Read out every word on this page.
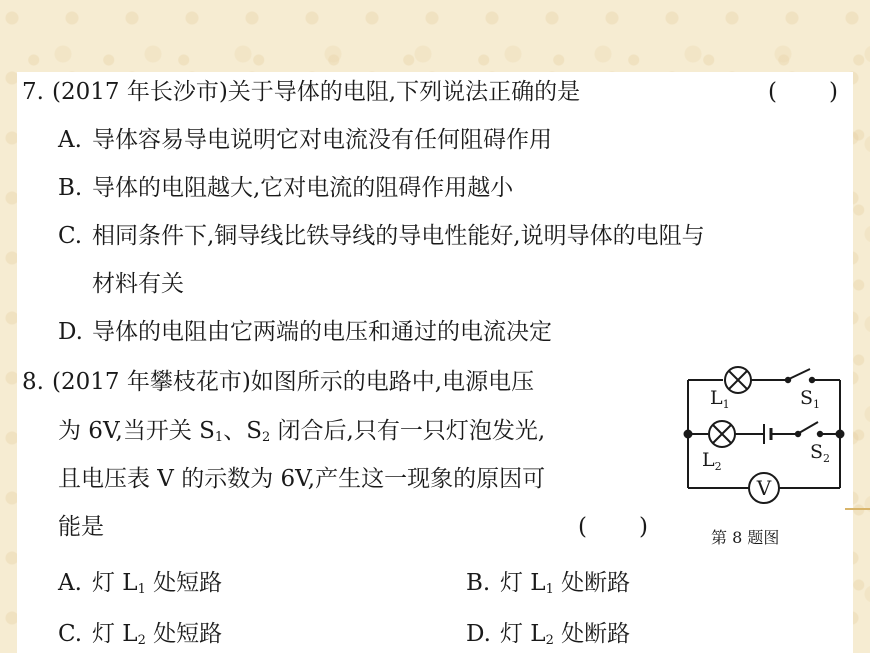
7. (2017 年长沙市)关于导体的电阻,下列说法正确的是	( )
A. 导体容易导电说明它对电流没有任何阻碍作用
B. 导体的电阻越大,它对电流的阻碍作用越小
C. 相同条件下,铜导线比铁导线的导电性能好,说明导体的电阻与
材料有关
D. 导体的电阻由它两端的电压和通过的电流决定
8. (2017 年攀枝花市)如图所示的电路中,电源电压
为 6V,当开关 $S_1$、$S_2$ 闭合后,只有一只灯泡发光,
且电压表 V 的示数为 6V,产生这一现象的原因可
能是	( )
A. 灯 $L_1$ 处短路	B. 灯 $L_1$ 处断路
C. 灯 $L_2$ 处短路	D. 灯 $L_2$ 处断路
$L_1$	$S_1$
$L_2$
$S_2$
V
第 8 题图
